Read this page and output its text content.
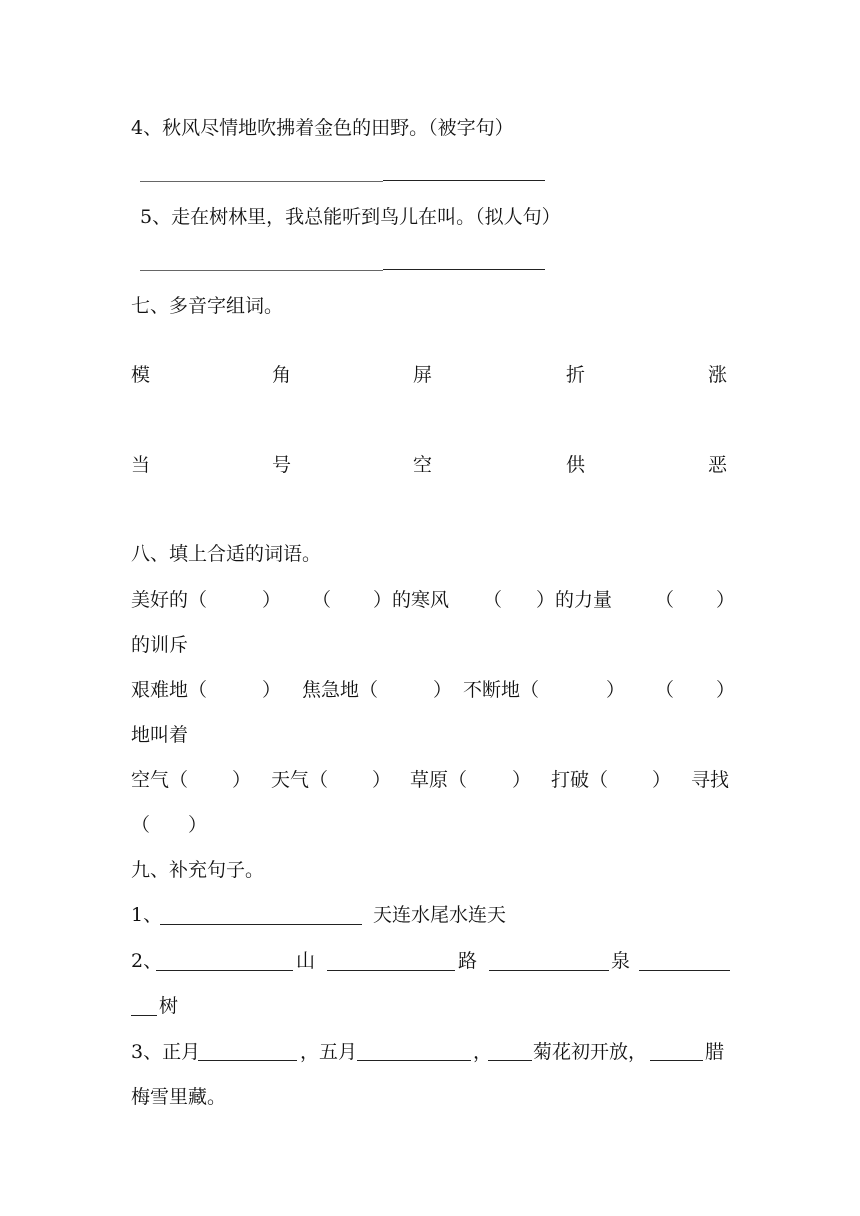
4、秋风尽情地吹拂着金色的田野。（被字句）
5、走在树林里，我总能听到鸟儿在叫。（拟人句）
七、多音字组词。
模	角	屏	折	涨
当	号	空	供	恶
八、填上合适的词语。
美好的（	） （ ）的寒风 （ ）的力量 （ ）
的训斥
艰难地（	） 焦急地（	） 不断地（	） （ ）
地叫着
空气（ ） 天气（ ） 草原（ ） 打破（ ） 寻找
（　　）
九、补充句子。
1、	天连水尾水连天
2、	山	路	泉
树
3、正月	，五月	， 菊花初开放，	腊
梅雪里藏。
